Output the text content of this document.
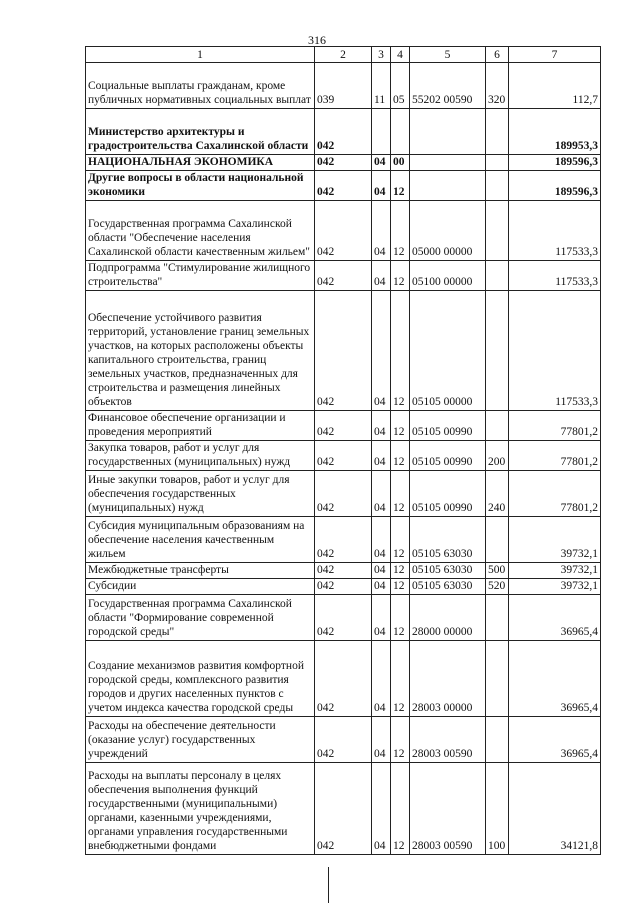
316
1	2	3	4	5	6	7
Социальные выплаты гражданам, кроме публичных нормативных социальных выплат	039	11	05	55202 00590	320	112,7
Министерство архитектуры и градостроительства Сахалинской области	042					189953,3
НАЦИОНАЛЬНАЯ ЭКОНОМИКА	042	04	00			189596,3
Другие вопросы в области национальной экономики	042	04	12			189596,3
Государственная программа Сахалинской области "Обеспечение населения Сахалинской области качественным жильем"	042	04	12	05000 00000		117533,3
Подпрограмма "Стимулирование жилищного строительства"	042	04	12	05100 00000		117533,3
Обеспечение устойчивого развития территорий, установление границ земельных участков, на которых расположены объекты капитального строительства, границ земельных участков, предназначенных для строительства и размещения линейных объектов	042	04	12	05105 00000		117533,3
Финансовое обеспечение организации и проведения мероприятий	042	04	12	05105 00990		77801,2
Закупка товаров, работ и услуг для государственных (муниципальных) нужд	042	04	12	05105 00990	200	77801,2
Иные закупки товаров, работ и услуг для обеспечения государственных (муниципальных) нужд	042	04	12	05105 00990	240	77801,2
Субсидия муниципальным образованиям на обеспечение населения качественным жильем	042	04	12	05105 63030		39732,1
Межбюджетные трансферты	042	04	12	05105 63030	500	39732,1
Субсидии	042	04	12	05105 63030	520	39732,1
Государственная программа Сахалинской области "Формирование современной городской среды"	042	04	12	28000 00000		36965,4
Создание механизмов развития комфортной городской среды, комплексного развития городов и других населенных пунктов с учетом индекса качества городской среды	042	04	12	28003 00000		36965,4
Расходы на обеспечение деятельности (оказание услуг) государственных учреждений	042	04	12	28003 00590		36965,4
Расходы на выплаты персоналу в целях обеспечения выполнения функций государственными (муниципальными) органами, казенными учреждениями, органами управления государственными внебюджетными фондами	042	04	12	28003 00590	100	34121,8
